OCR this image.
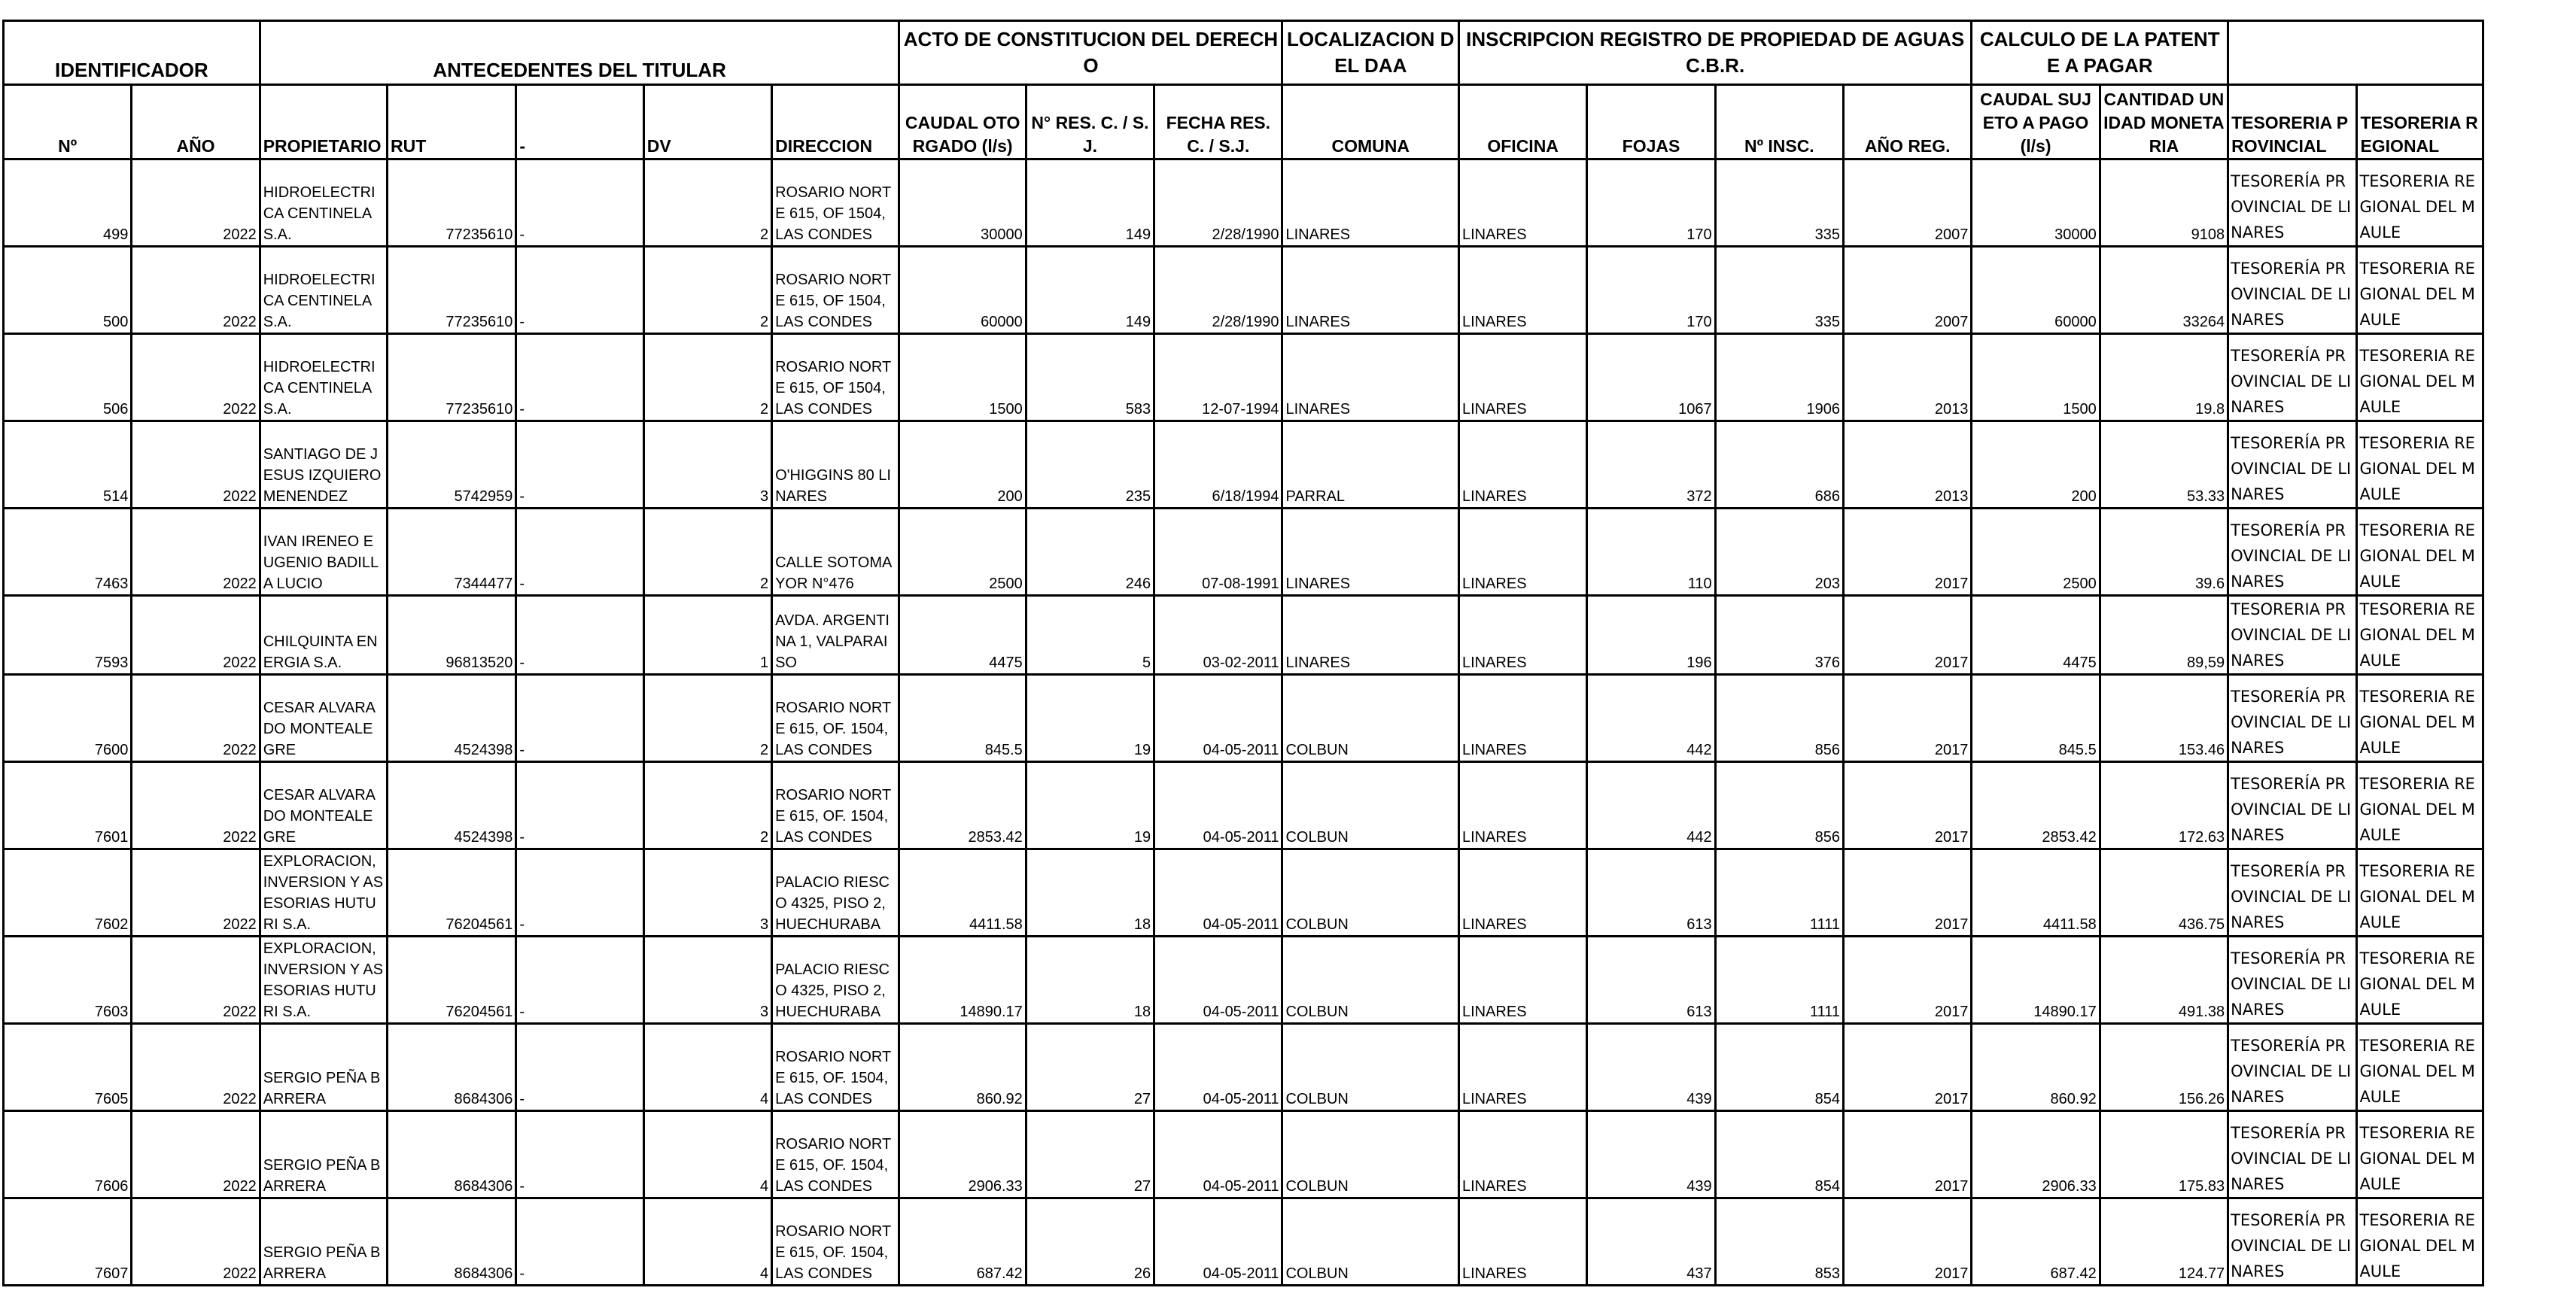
IDENTIFICADOR		ANTECEDENTES DEL TITULAR					ACTO DE CONSTITUCION DEL DERECHO			LOCALIZACION DEL DAA	INSCRIPCION REGISTRO DE PROPIEDAD DE AGUAS C.B.R.				CALCULO DE LA PATENTE A PAGAR			
Nº	AÑO	PROPIETARIO	RUT	-	DV	DIRECCION	CAUDAL OTORGADO (l/s)	N° RES. C. / S.J.	FECHA RES. C. / S.J.	COMUNA	OFICINA	FOJAS	Nº INSC.	AÑO REG.	CAUDAL SUJETO A PAGO (l/s)	CANTIDAD UNIDAD MONETARIA	TESORERIA PROVINCIAL	TESORERIA REGIONAL
499	2022	HIDROELECTRICA CENTINELA S.A.	77235610	-	2	ROSARIO NORTE 615, OF 1504, LAS CONDES	30000	149	2/28/1990	LINARES	LINARES	170	335	2007	30000	9108	TESORERÍA PROVINCIAL DE LINARES	TESORERIA REGIONAL DEL MAULE
500	2022	HIDROELECTRICA CENTINELA S.A.	77235610	-	2	ROSARIO NORTE 615, OF 1504, LAS CONDES	60000	149	2/28/1990	LINARES	LINARES	170	335	2007	60000	33264	TESORERÍA PROVINCIAL DE LINARES	TESORERIA REGIONAL DEL MAULE
506	2022	HIDROELECTRICA CENTINELA S.A.	77235610	-	2	ROSARIO NORTE 615, OF 1504, LAS CONDES	1500	583	12-07-1994	LINARES	LINARES	1067	1906	2013	1500	19.8	TESORERÍA PROVINCIAL DE LINARES	TESORERIA REGIONAL DEL MAULE
514	2022	SANTIAGO DE JESUS IZQUIERO MENENDEZ	5742959	-	3	O'HIGGINS 80 LINARES	200	235	6/18/1994	PARRAL	LINARES	372	686	2013	200	53.33	TESORERÍA PROVINCIAL DE LINARES	TESORERIA REGIONAL DEL MAULE
7463	2022	IVAN IRENEO EUGENIO BADILLA LUCIO	7344477	-	2	CALLE SOTOMAYOR N°476	2500	246	07-08-1991	LINARES	LINARES	110	203	2017	2500	39.6	TESORERÍA PROVINCIAL DE LINARES	TESORERIA REGIONAL DEL MAULE
7593	2022	CHILQUINTA ENERGIA S.A.	96813520	-	1	AVDA. ARGENTINA 1, VALPARAISO	4475	5	03-02-2011	LINARES	LINARES	196	376	2017	4475	89,59	TESORERIA PROVINCIAL DE LINARES	TESORERIA REGIONAL DEL MAULE
7600	2022	CESAR ALVARADO MONTEALEGRE	4524398	-	2	ROSARIO NORTE 615, OF. 1504, LAS CONDES	845.5	19	04-05-2011	COLBUN	LINARES	442	856	2017	845.5	153.46	TESORERÍA PROVINCIAL DE LINARES	TESORERIA REGIONAL DEL MAULE
7601	2022	CESAR ALVARADO MONTEALEGRE	4524398	-	2	ROSARIO NORTE 615, OF. 1504, LAS CONDES	2853.42	19	04-05-2011	COLBUN	LINARES	442	856	2017	2853.42	172.63	TESORERÍA PROVINCIAL DE LINARES	TESORERIA REGIONAL DEL MAULE
7602	2022	EXPLORACION, INVERSION Y ASESORIAS HUTURI S.A.	76204561	-	3	PALACIO RIESCO 4325, PISO 2, HUECHURABA	4411.58	18	04-05-2011	COLBUN	LINARES	613	1111	2017	4411.58	436.75	TESORERÍA PROVINCIAL DE LINARES	TESORERIA REGIONAL DEL MAULE
7603	2022	EXPLORACION, INVERSION Y ASESORIAS HUTURI S.A.	76204561	-	3	PALACIO RIESCO 4325, PISO 2, HUECHURABA	14890.17	18	04-05-2011	COLBUN	LINARES	613	1111	2017	14890.17	491.38	TESORERÍA PROVINCIAL DE LINARES	TESORERIA REGIONAL DEL MAULE
7605	2022	SERGIO PEÑA BARRERA	8684306	-	4	ROSARIO NORTE 615, OF. 1504, LAS CONDES	860.92	27	04-05-2011	COLBUN	LINARES	439	854	2017	860.92	156.26	TESORERÍA PROVINCIAL DE LINARES	TESORERIA REGIONAL DEL MAULE
7606	2022	SERGIO PEÑA BARRERA	8684306	-	4	ROSARIO NORTE 615, OF. 1504, LAS CONDES	2906.33	27	04-05-2011	COLBUN	LINARES	439	854	2017	2906.33	175.83	TESORERÍA PROVINCIAL DE LINARES	TESORERIA REGIONAL DEL MAULE
7607	2022	SERGIO PEÑA BARRERA	8684306	-	4	ROSARIO NORTE 615, OF. 1504, LAS CONDES	687.42	26	04-05-2011	COLBUN	LINARES	437	853	2017	687.42	124.77	TESORERÍA PROVINCIAL DE LINARES	TESORERIA REGIONAL DEL MAULE
